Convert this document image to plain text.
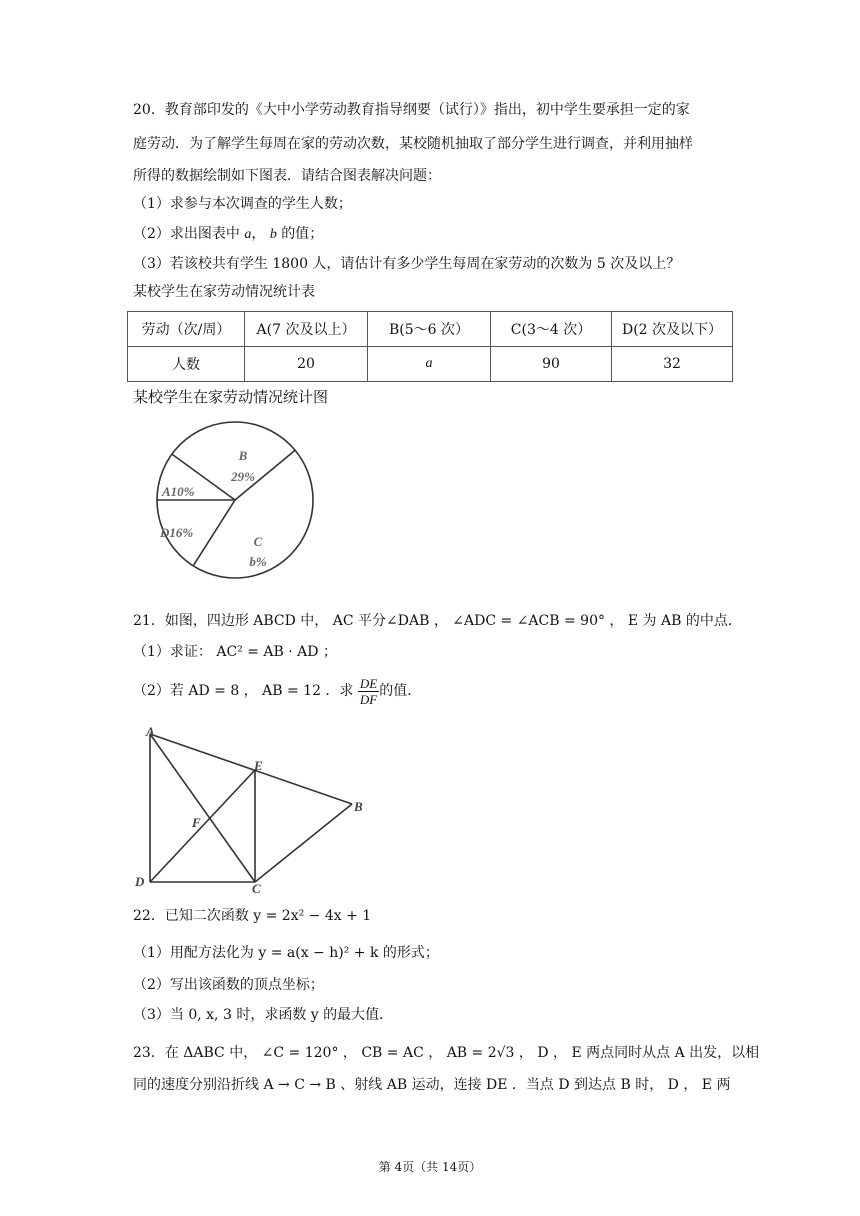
20．教育部印发的《大中小学劳动教育指导纲要（试行）》指出，初中学生要承担一定的家
庭劳动．为了解学生每周在家的劳动次数，某校随机抽取了部分学生进行调查，并利用抽样
所得的数据绘制如下图表．请结合图表解决问题：
（1）求参与本次调查的学生人数；
（2）求出图表中 a， b 的值；
（3）若该校共有学生 1800 人，请估计有多少学生每周在家劳动的次数为 5 次及以上？
某校学生在家劳动情况统计表
劳动（次/周）	A(7 次及以上）	B(5～6 次）	C(3～4 次）	D(2 次及以下）
人数	20	a	90	32
某校学生在家劳动情况统计图
B
29%
A10%
D16%
C
b%
21．如图，四边形 ABCD 中， AC 平分∠DAB ， ∠ADC = ∠ACB = 90° ， E 为 AB 的中点．
（1）求证： AC² = AB · AD ；
（2）若 AD = 8 ， AB = 12 ．求 $\frac{DE}{DF}$ 的值．
A
E
B
F
D	C
22．已知二次函数 y = 2x² − 4x + 1
（1）用配方法化为 y = a(x − h)² + k 的形式；
（2）写出该函数的顶点坐标；
（3）当 0, x, 3 时，求函数 y 的最大值．
23．在 ΔABC 中， ∠C = 120° ， CB = AC ， AB = 2√3 ， D ， E 两点同时从点 A 出发，以相
同的速度分别沿折线 A → C → B 、射线 AB 运动，连接 DE ．当点 D 到达点 B 时， D ， E 两
第 4页（共 14页）
